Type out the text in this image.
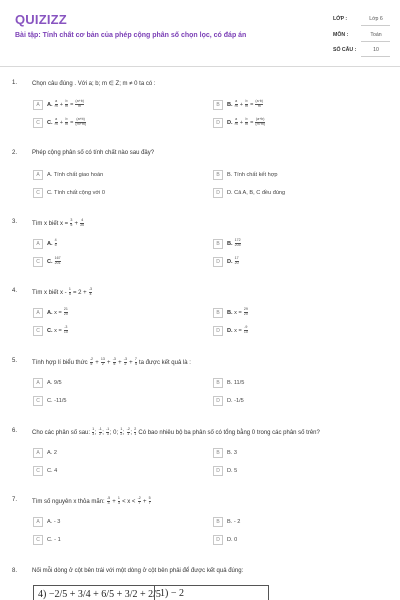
QUIZIZZ
Bài tập: Tính chất cơ bản của phép cộng phân số chọn lọc, có đáp án
LỚP :	Lớp 6
MÔN :	Toán
SỐ CÂU :	10
1. Chọn câu đúng . Với a; b; m ∈ Z; m ≠ 0 ta có :
A	A. $\frac{a}{m} + \frac{b}{m} = \frac{(a+b)}{m}$	B	B. $\frac{a}{m} + \frac{b}{m} = \frac{(a\cdot b)}{m}$
C	C. $\frac{a}{m} + \frac{b}{m} = \frac{(a+b)}{(m+m)}$	D	D. $\frac{a}{m} + \frac{b}{m} = \frac{(a+b)}{(m\cdot m)}$
2. Phép cộng phân số có tính chất nào sau đây?
A	A. Tính chất giao hoán	B	B. Tính chất kết hợp
C	C. Tính chất cộng với 0	D	D. Cả A, B, C đều đúng
3. Tìm x biết $x = \frac{3}{5} + \frac{4}{20}$
A	A. $\frac{4}{5}$	B	B. $\frac{172}{205}$
C	C. $\frac{167}{201}$	D	D. $\frac{17}{20}$
4. Tìm x biết $x - \frac{1}{5} = 2 + \frac{-3}{4}$
A	A. $x = \frac{21}{20}$	B	B. $x = \frac{29}{20}$
C	C. $x = \frac{-3}{10}$	D	D. $x = \frac{-9}{10}$
5. Tính hợp lí biểu thức $\frac{-2}{5} + \frac{13}{2} + \frac{-3}{5} + \frac{-3}{2} + \frac{7}{4}$ ta được kết quả là :
A	A. 9/5	B	B. 11/5
C	C. -11/5	D	D. -1/5
6. Cho các phân số sau: $\frac{1}{3}$ ; $\frac{-1}{2}$ ; $\frac{-1}{3}$ ; 0; $\frac{1}{2}$ ; $\frac{-2}{1}$ ; $\frac{2}{1}$ Có bao nhiêu bộ ba phân số có tổng bằng 0 trong các phân số trên?
A	A. 2	B	B. 3
C	C. 4	D	D. 5
7. Tìm số nguyên x thỏa mãn: $\frac{-5}{3} + \frac{1}{3} < x < \frac{-2}{7} + \frac{5}{7}$
A	A. - 3	B	B. - 2
C	C. - 1	D	D. 0
8. Nối mỗi dòng ở cột bên trái với một dòng ở cột bên phải để được kết quả đúng:
4) −2/5 + 3/4 + 6/5 + 3/2 + 2/5 1) − 2
